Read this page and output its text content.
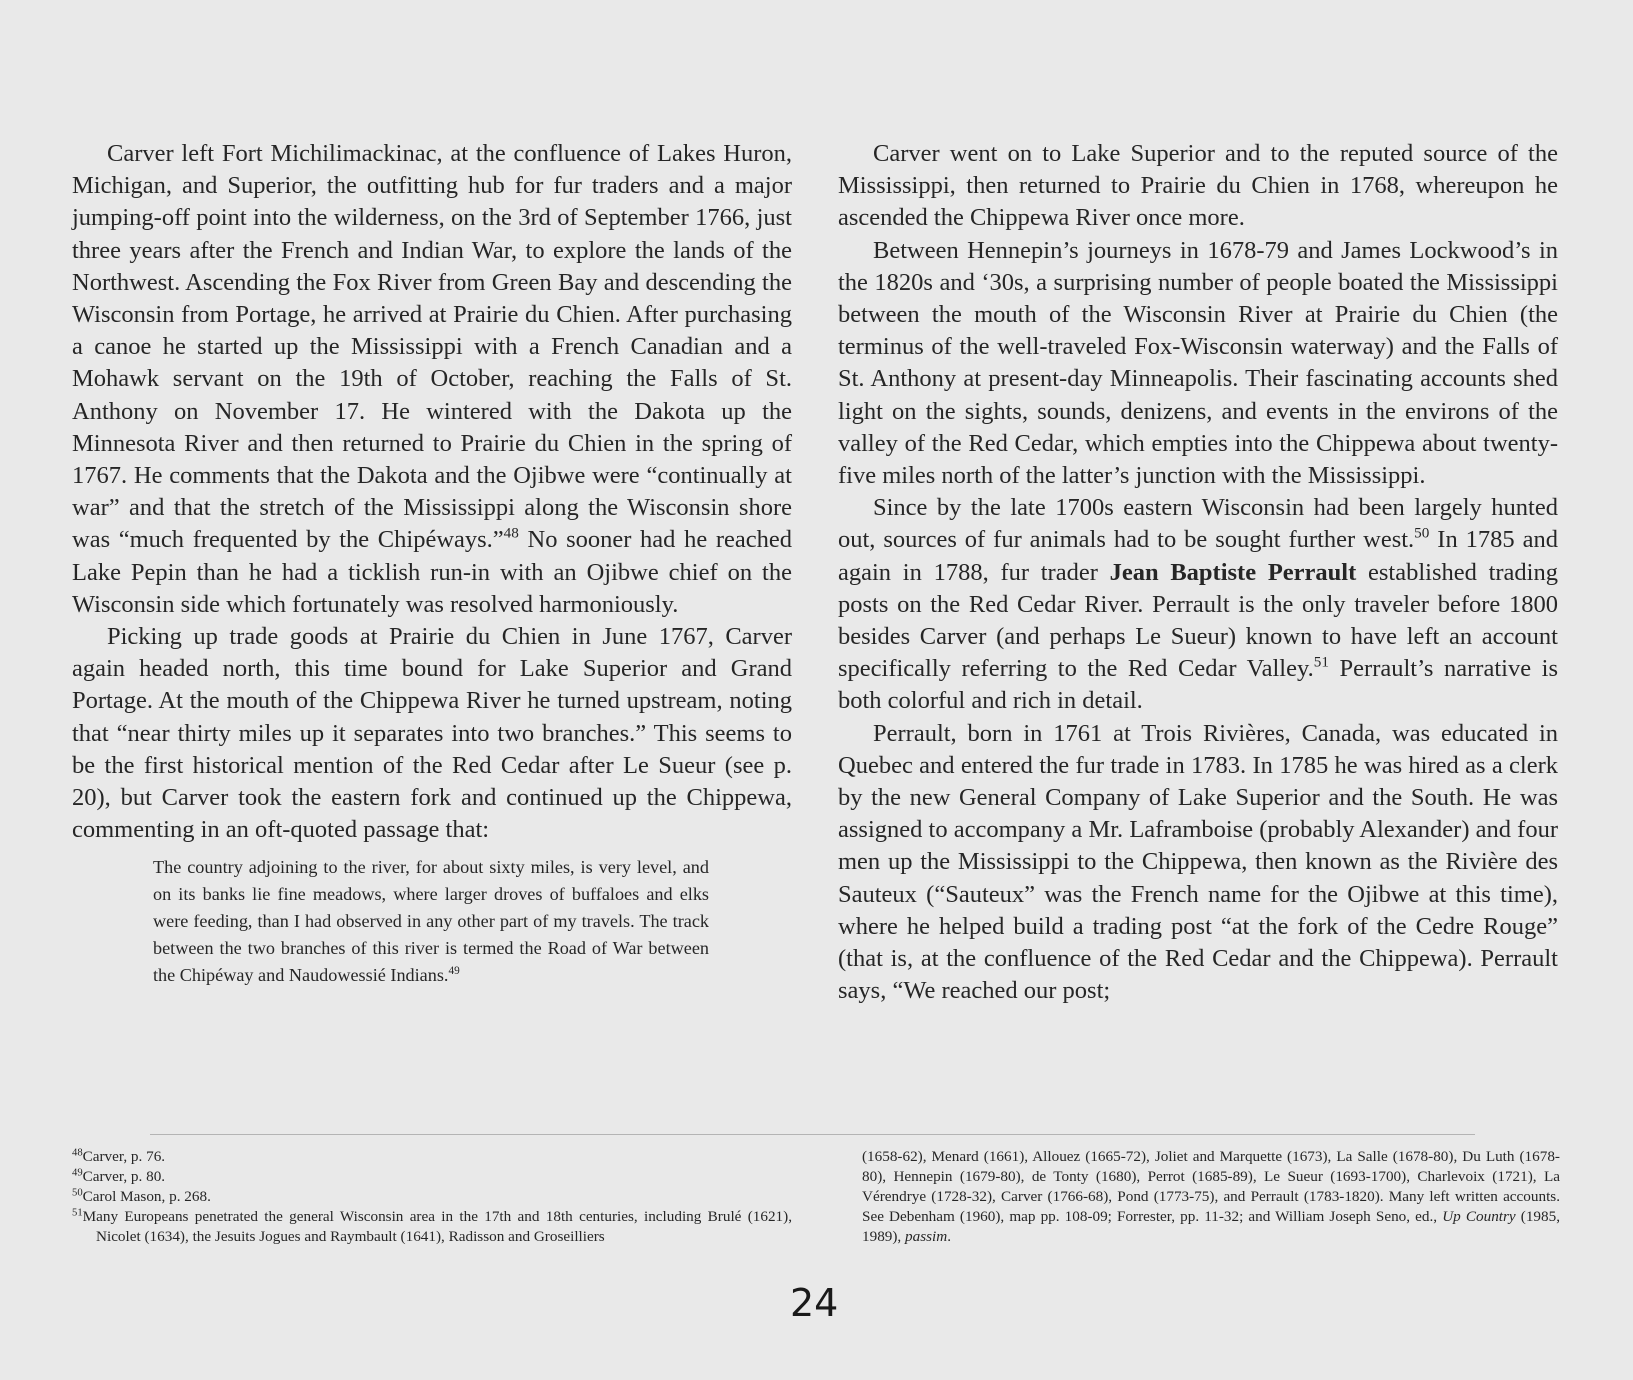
Carver left Fort Michilimackinac, at the confluence of Lakes Huron, Michigan, and Superior, the outfitting hub for fur traders and a major jumping-off point into the wilderness, on the 3rd of September 1766, just three years after the French and Indian War, to explore the lands of the Northwest. Ascending the Fox River from Green Bay and descending the Wisconsin from Portage, he arrived at Prairie du Chien. After purchasing a canoe he started up the Mississippi with a French Canadian and a Mohawk servant on the 19th of October, reaching the Falls of St. Anthony on November 17. He wintered with the Dakota up the Minnesota River and then returned to Prairie du Chien in the spring of 1767. He comments that the Dakota and the Ojibwe were “continually at war” and that the stretch of the Mississippi along the Wisconsin shore was “much frequented by the Chipéways.”$^{48}$ No sooner had he reached Lake Pepin than he had a ticklish run-in with an Ojibwe chief on the Wisconsin side which fortunately was resolved harmoniously.

Picking up trade goods at Prairie du Chien in June 1767, Carver again headed north, this time bound for Lake Superior and Grand Portage. At the mouth of the Chippewa River he turned upstream, noting that “near thirty miles up it separates into two branches.” This seems to be the first historical mention of the Red Cedar after Le Sueur (see p. 20), but Carver took the eastern fork and continued up the Chippewa, commenting in an oft-quoted passage that:

The country adjoining to the river, for about sixty miles, is very level, and on its banks lie fine meadows, where larger droves of buffaloes and elks were feeding, than I had observed in any other part of my travels. The track between the two branches of this river is termed the Road of War between the Chipéway and Naudowessié Indians.$^{49}$

Carver went on to Lake Superior and to the reputed source of the Mississippi, then returned to Prairie du Chien in 1768, whereupon he ascended the Chippewa River once more.

Between Hennepin’s journeys in 1678-79 and James Lockwood’s in the 1820s and ‘30s, a surprising number of people boated the Mississippi between the mouth of the Wisconsin River at Prairie du Chien (the terminus of the well-traveled Fox-Wisconsin waterway) and the Falls of St. Anthony at present-day Minneapolis. Their fascinating accounts shed light on the sights, sounds, denizens, and events in the environs of the valley of the Red Cedar, which empties into the Chippewa about twenty-five miles north of the latter’s junction with the Mississippi.

Since by the late 1700s eastern Wisconsin had been largely hunted out, sources of fur animals had to be sought further west.$^{50}$ In 1785 and again in 1788, fur trader Jean Baptiste Perrault established trading posts on the Red Cedar River. Perrault is the only traveler before 1800 besides Carver (and perhaps Le Sueur) known to have left an account specifically referring to the Red Cedar Valley.$^{51}$ Perrault’s narrative is both colorful and rich in detail.

Perrault, born in 1761 at Trois Rivières, Canada, was educated in Quebec and entered the fur trade in 1783. In 1785 he was hired as a clerk by the new General Company of Lake Superior and the South. He was assigned to accompany a Mr. Laframboise (probably Alexander) and four men up the Mississippi to the Chippewa, then known as the Rivière des Sauteux (“Sauteux” was the French name for the Ojibwe at this time), where he helped build a trading post “at the fork of the Cedre Rouge” (that is, at the confluence of the Red Cedar and the Chippewa). Perrault says, “We reached our post;

$^{48}$Carver, p. 76.

$^{49}$Carver, p. 80.

$^{50}$Carol Mason, p. 268.

$^{51}$Many Europeans penetrated the general Wisconsin area in the 17th and 18th centuries, including Brulé (1621), Nicolet (1634), the Jesuits Jogues and Raymbault (1641), Radisson and Groseilliers

(1658-62), Menard (1661), Allouez (1665-72), Joliet and Marquette (1673), La Salle (1678-80), Du Luth (1678-80), Hennepin (1679-80), de Tonty (1680), Perrot (1685-89), Le Sueur (1693-1700), Charlevoix (1721), La Vérendrye (1728-32), Carver (1766-68), Pond (1773-75), and Perrault (1783-1820). Many left written accounts. See Debenham (1960), map pp. 108-09; Forrester, pp. 11-32; and William Joseph Seno, ed., Up Country (1985, 1989), passim.

24
